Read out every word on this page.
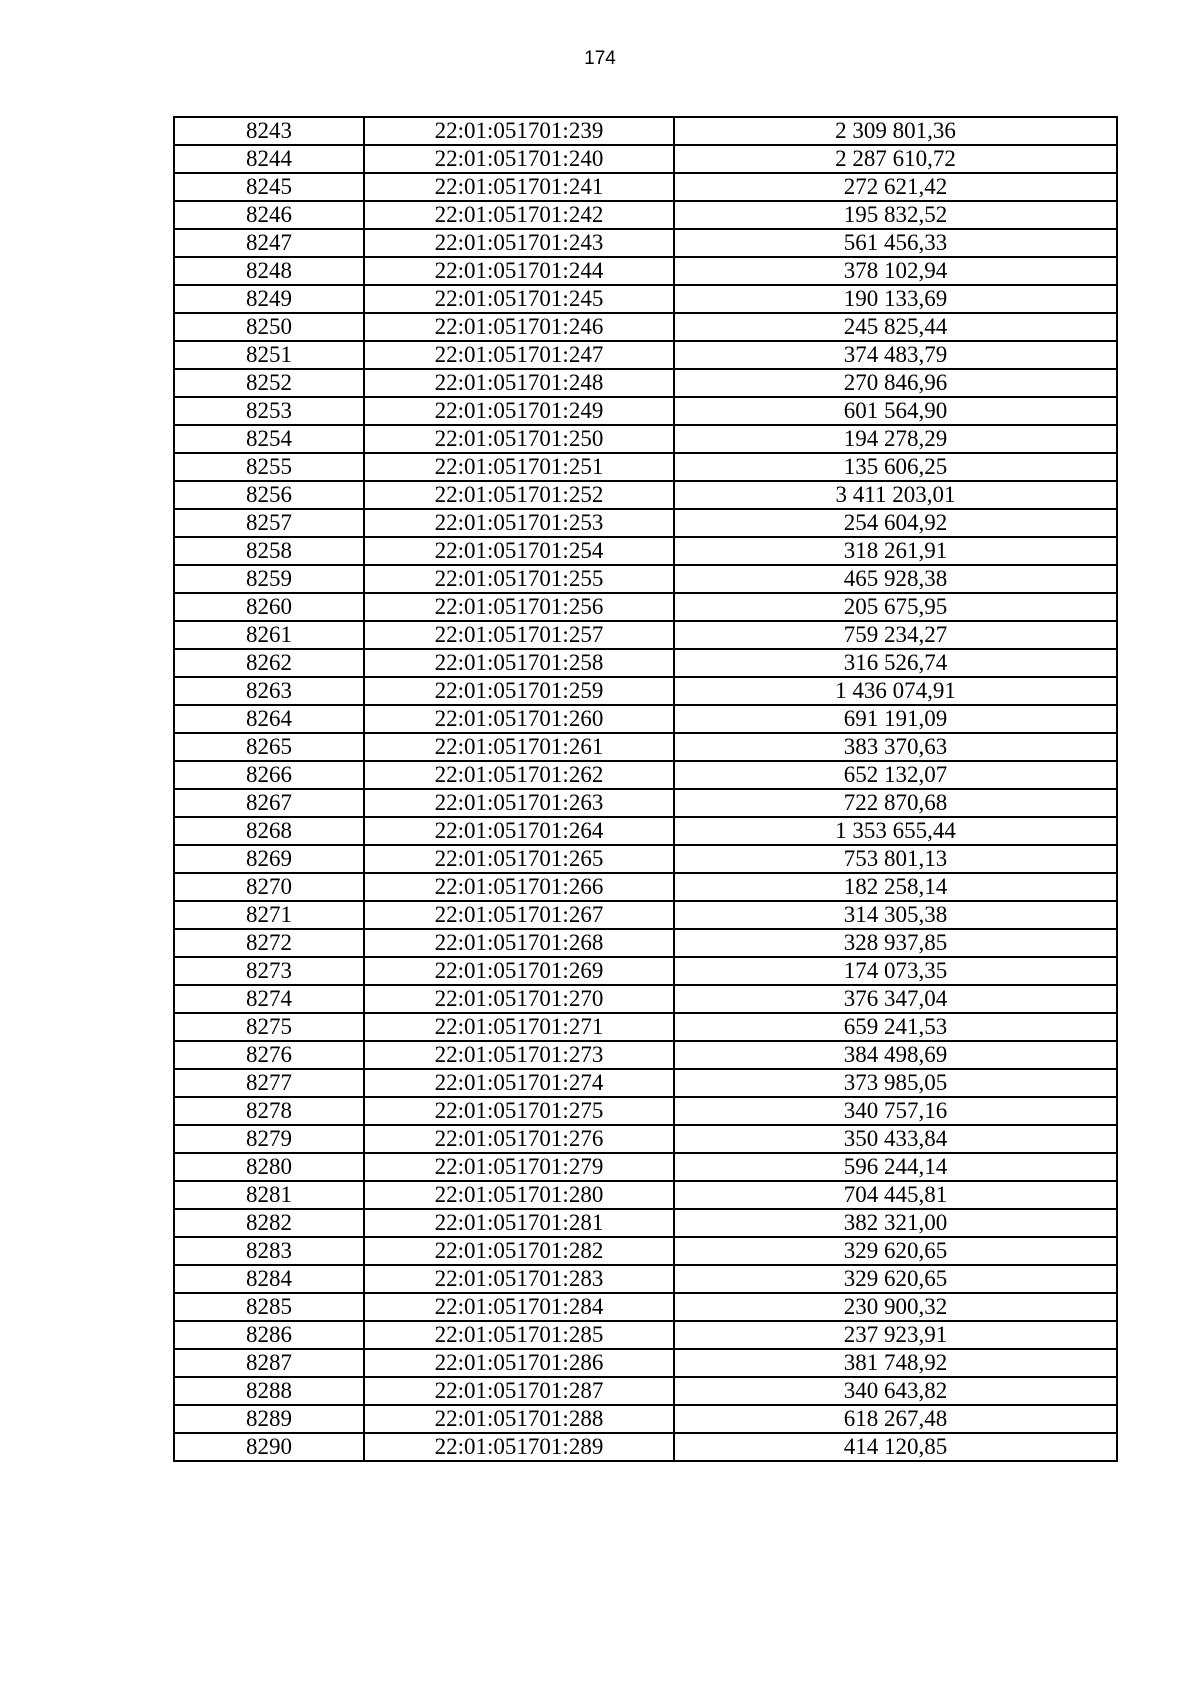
174
8243	22:01:051701:239	2 309 801,36
8244	22:01:051701:240	2 287 610,72
8245	22:01:051701:241	272 621,42
8246	22:01:051701:242	195 832,52
8247	22:01:051701:243	561 456,33
8248	22:01:051701:244	378 102,94
8249	22:01:051701:245	190 133,69
8250	22:01:051701:246	245 825,44
8251	22:01:051701:247	374 483,79
8252	22:01:051701:248	270 846,96
8253	22:01:051701:249	601 564,90
8254	22:01:051701:250	194 278,29
8255	22:01:051701:251	135 606,25
8256	22:01:051701:252	3 411 203,01
8257	22:01:051701:253	254 604,92
8258	22:01:051701:254	318 261,91
8259	22:01:051701:255	465 928,38
8260	22:01:051701:256	205 675,95
8261	22:01:051701:257	759 234,27
8262	22:01:051701:258	316 526,74
8263	22:01:051701:259	1 436 074,91
8264	22:01:051701:260	691 191,09
8265	22:01:051701:261	383 370,63
8266	22:01:051701:262	652 132,07
8267	22:01:051701:263	722 870,68
8268	22:01:051701:264	1 353 655,44
8269	22:01:051701:265	753 801,13
8270	22:01:051701:266	182 258,14
8271	22:01:051701:267	314 305,38
8272	22:01:051701:268	328 937,85
8273	22:01:051701:269	174 073,35
8274	22:01:051701:270	376 347,04
8275	22:01:051701:271	659 241,53
8276	22:01:051701:273	384 498,69
8277	22:01:051701:274	373 985,05
8278	22:01:051701:275	340 757,16
8279	22:01:051701:276	350 433,84
8280	22:01:051701:279	596 244,14
8281	22:01:051701:280	704 445,81
8282	22:01:051701:281	382 321,00
8283	22:01:051701:282	329 620,65
8284	22:01:051701:283	329 620,65
8285	22:01:051701:284	230 900,32
8286	22:01:051701:285	237 923,91
8287	22:01:051701:286	381 748,92
8288	22:01:051701:287	340 643,82
8289	22:01:051701:288	618 267,48
8290	22:01:051701:289	414 120,85
